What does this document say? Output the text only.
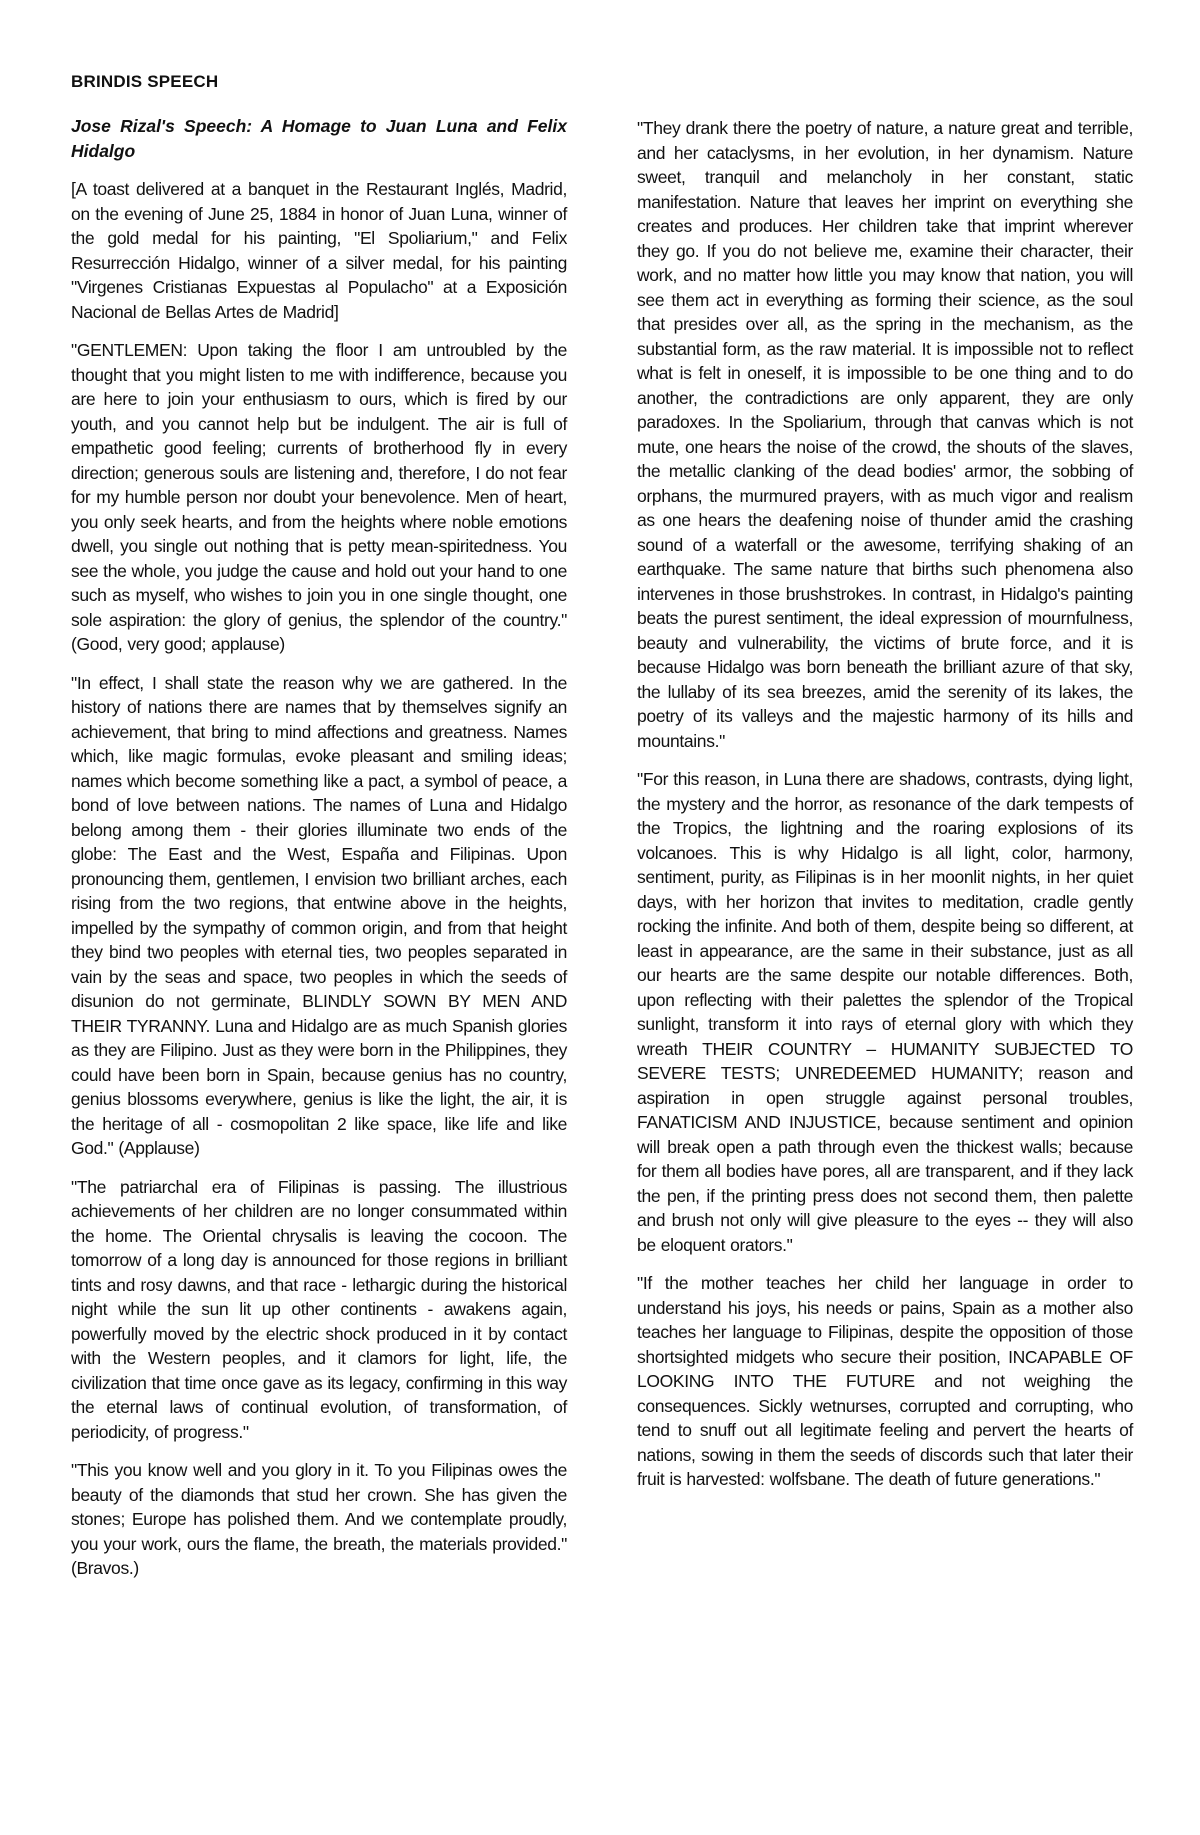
BRINDIS SPEECH
Jose Rizal's Speech: A Homage to Juan Luna and Felix Hidalgo

[A toast delivered at a banquet in the Restaurant Inglés, Madrid, on the evening of June 25, 1884 in honor of Juan Luna, winner of the gold medal for his painting, "El Spoliarium," and Felix Resurrección Hidalgo, winner of a silver medal, for his painting "Virgenes Cristianas Expuestas al Populacho" at a Exposición Nacional de Bellas Artes de Madrid]

"GENTLEMEN: Upon taking the floor I am untroubled by the thought that you might listen to me with indifference, because you are here to join your enthusiasm to ours, which is fired by our youth, and you cannot help but be indulgent. The air is full of empathetic good feeling; currents of brotherhood fly in every direction; generous souls are listening and, therefore, I do not fear for my humble person nor doubt your benevolence. Men of heart, you only seek hearts, and from the heights where noble emotions dwell, you single out nothing that is petty mean-spiritedness. You see the whole, you judge the cause and hold out your hand to one such as myself, who wishes to join you in one single thought, one sole aspiration: the glory of genius, the splendor of the country." (Good, very good; applause)

"In effect, I shall state the reason why we are gathered. In the history of nations there are names that by themselves signify an achievement, that bring to mind affections and greatness. Names which, like magic formulas, evoke pleasant and smiling ideas; names which become something like a pact, a symbol of peace, a bond of love between nations. The names of Luna and Hidalgo belong among them - their glories illuminate two ends of the globe: The East and the West, España and Filipinas. Upon pronouncing them, gentlemen, I envision two brilliant arches, each rising from the two regions, that entwine above in the heights, impelled by the sympathy of common origin, and from that height they bind two peoples with eternal ties, two peoples separated in vain by the seas and space, two peoples in which the seeds of disunion do not germinate, BLINDLY SOWN BY MEN AND THEIR TYRANNY. Luna and Hidalgo are as much Spanish glories as they are Filipino. Just as they were born in the Philippines, they could have been born in Spain, because genius has no country, genius blossoms everywhere, genius is like the light, the air, it is the heritage of all - cosmopolitan 2 like space, like life and like God." (Applause)

"The patriarchal era of Filipinas is passing. The illustrious achievements of her children are no longer consummated within the home. The Oriental chrysalis is leaving the cocoon. The tomorrow of a long day is announced for those regions in brilliant tints and rosy dawns, and that race - lethargic during the historical night while the sun lit up other continents - awakens again, powerfully moved by the electric shock produced in it by contact with the Western peoples, and it clamors for light, life, the civilization that time once gave as its legacy, confirming in this way the eternal laws of continual evolution, of transformation, of periodicity, of progress."

"This you know well and you glory in it. To you Filipinas owes the beauty of the diamonds that stud her crown. She has given the stones; Europe has polished them. And we contemplate proudly, you your work, ours the flame, the breath, the materials provided." (Bravos.)

"They drank there the poetry of nature, a nature great and terrible, and her cataclysms, in her evolution, in her dynamism. Nature sweet, tranquil and melancholy in her constant, static manifestation. Nature that leaves her imprint on everything she creates and produces. Her children take that imprint wherever they go. If you do not believe me, examine their character, their work, and no matter how little you may know that nation, you will see them act in everything as forming their science, as the soul that presides over all, as the spring in the mechanism, as the substantial form, as the raw material. It is impossible not to reflect what is felt in oneself, it is impossible to be one thing and to do another, the contradictions are only apparent, they are only paradoxes. In the Spoliarium, through that canvas which is not mute, one hears the noise of the crowd, the shouts of the slaves, the metallic clanking of the dead bodies' armor, the sobbing of orphans, the murmured prayers, with as much vigor and realism as one hears the deafening noise of thunder amid the crashing sound of a waterfall or the awesome, terrifying shaking of an earthquake. The same nature that births such phenomena also intervenes in those brushstrokes. In contrast, in Hidalgo's painting beats the purest sentiment, the ideal expression of mournfulness, beauty and vulnerability, the victims of brute force, and it is because Hidalgo was born beneath the brilliant azure of that sky, the lullaby of its sea breezes, amid the serenity of its lakes, the poetry of its valleys and the majestic harmony of its hills and mountains."

"For this reason, in Luna there are shadows, contrasts, dying light, the mystery and the horror, as resonance of the dark tempests of the Tropics, the lightning and the roaring explosions of its volcanoes. This is why Hidalgo is all light, color, harmony, sentiment, purity, as Filipinas is in her moonlit nights, in her quiet days, with her horizon that invites to meditation, cradle gently rocking the infinite. And both of them, despite being so different, at least in appearance, are the same in their substance, just as all our hearts are the same despite our notable differences. Both, upon reflecting with their palettes the splendor of the Tropical sunlight, transform it into rays of eternal glory with which they wreath THEIR COUNTRY – HUMANITY SUBJECTED TO SEVERE TESTS; UNREDEEMED HUMANITY; reason and aspiration in open struggle against personal troubles, FANATICISM AND INJUSTICE, because sentiment and opinion will break open a path through even the thickest walls; because for them all bodies have pores, all are transparent, and if they lack the pen, if the printing press does not second them, then palette and brush not only will give pleasure to the eyes -- they will also be eloquent orators."

"If the mother teaches her child her language in order to understand his joys, his needs or pains, Spain as a mother also teaches her language to Filipinas, despite the opposition of those shortsighted midgets who secure their position, INCAPABLE OF LOOKING INTO THE FUTURE and not weighing the consequences. Sickly wetnurses, corrupted and corrupting, who tend to snuff out all legitimate feeling and pervert the hearts of nations, sowing in them the seeds of discords such that later their fruit is harvested: wolfsbane. The death of future generations."
